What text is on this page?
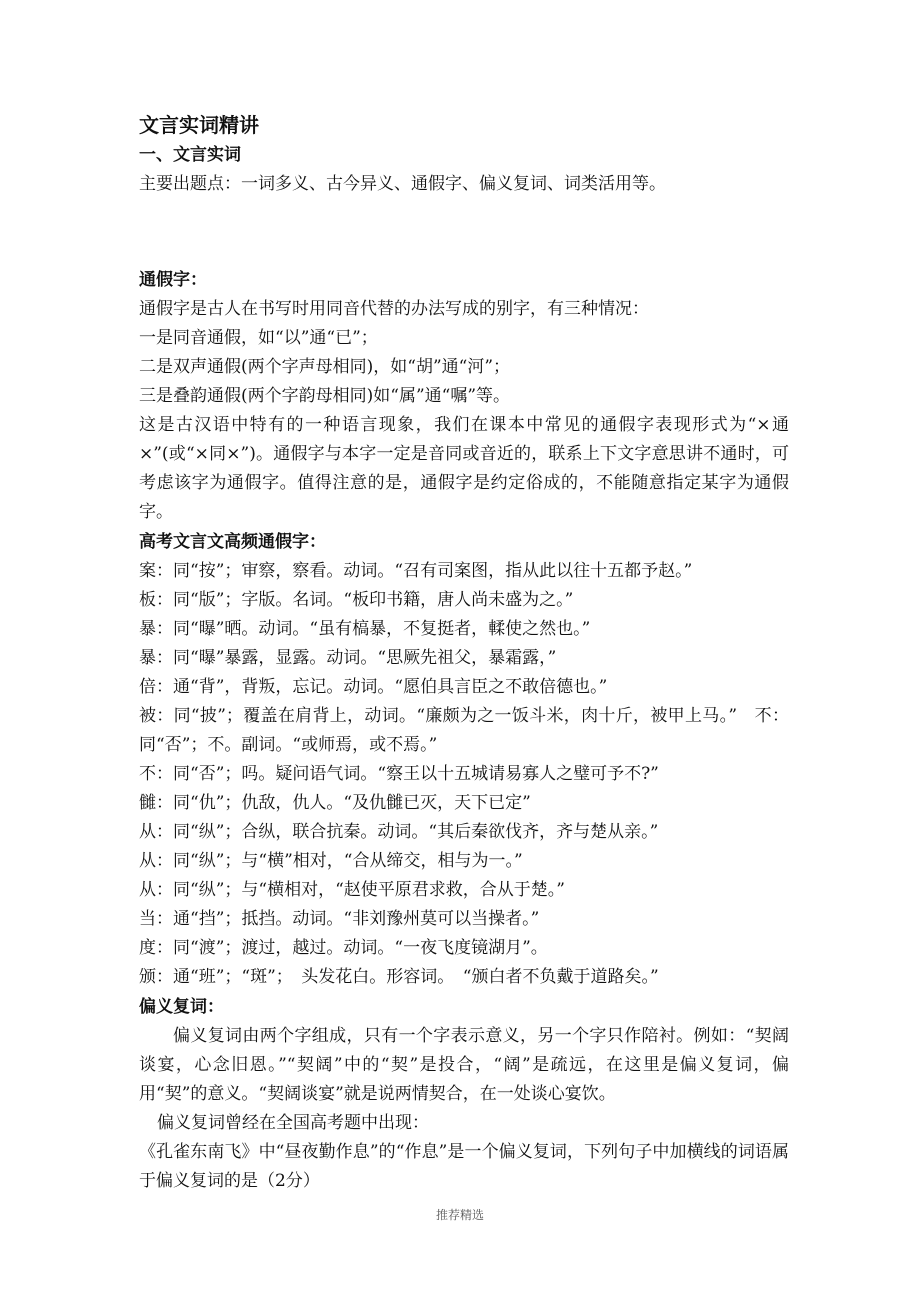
文言实词精讲

一、文言实词

主要出题点：一词多义、古今异义、通假字、偏义复词、词类活用等。

通假字：

通假字是古人在书写时用同音代替的办法写成的别字，有三种情况：

一是同音通假，如“以”通“已”；

二是双声通假(两个字声母相同)，如“胡”通“河”；

三是叠韵通假(两个字韵母相同)如“属”通“嘱”等。

这是古汉语中特有的一种语言现象，我们在课本中常见的通假字表现形式为“×通×”(或“×同×”)。通假字与本字一定是音同或音近的，联系上下文字意思讲不通时，可考虑该字为通假字。值得注意的是，通假字是约定俗成的，不能随意指定某字为通假字。

高考文言文高频通假字：

案：同“按”；审察，察看。动词。“召有司案图，指从此以往十五都予赵。”

板：同“版”；字版。名词。“板印书籍，唐人尚未盛为之。”

暴：同“曝”晒。动词。“虽有槁暴，不复挺者，輮使之然也。”

暴：同“曝”暴露，显露。动词。“思厥先祖父，暴霜露，”

倍：通“背”，背叛，忘记。动词。“愿伯具言臣之不敢倍德也。”

被：同“披”；覆盖在肩背上，动词。“廉颇为之一饭斗米，肉十斤，被甲上马。”　不：同“否”；不。副词。“或师焉，或不焉。”

不：同“否”；吗。疑问语气词。“察王以十五城请易寡人之璧可予不?”

雠：同“仇”；仇敌，仇人。“及仇雠已灭，天下已定”

从：同“纵”；合纵，联合抗秦。动词。“其后秦欲伐齐，齐与楚从亲。”

从：同“纵”；与“横”相对，“合从缔交，相与为一。”

从：同“纵”；与“横相对，“赵使平原君求救，合从于楚。”

当：通“挡”；抵挡。动词。“非刘豫州莫可以当操者。”

度：同“渡”；渡过，越过。动词。“一夜飞度镜湖月”。

颁：通“班”；“斑”；　头发花白。形容词。　“颁白者不负戴于道路矣。”

偏义复词：

偏义复词由两个字组成，只有一个字表示意义，另一个字只作陪衬。例如：“契阔谈宴，心念旧恩。”“契阔”中的“契”是投合，“阔”是疏远，在这里是偏义复词，偏用“契”的意义。“契阔谈宴”就是说两情契合，在一处谈心宴饮。

偏义复词曾经在全国高考题中出现：

《孔雀东南飞》中“昼夜勤作息”的“作息”是一个偏义复词，下列句子中加横线的词语属于偏义复词的是（2分）

推荐精选
